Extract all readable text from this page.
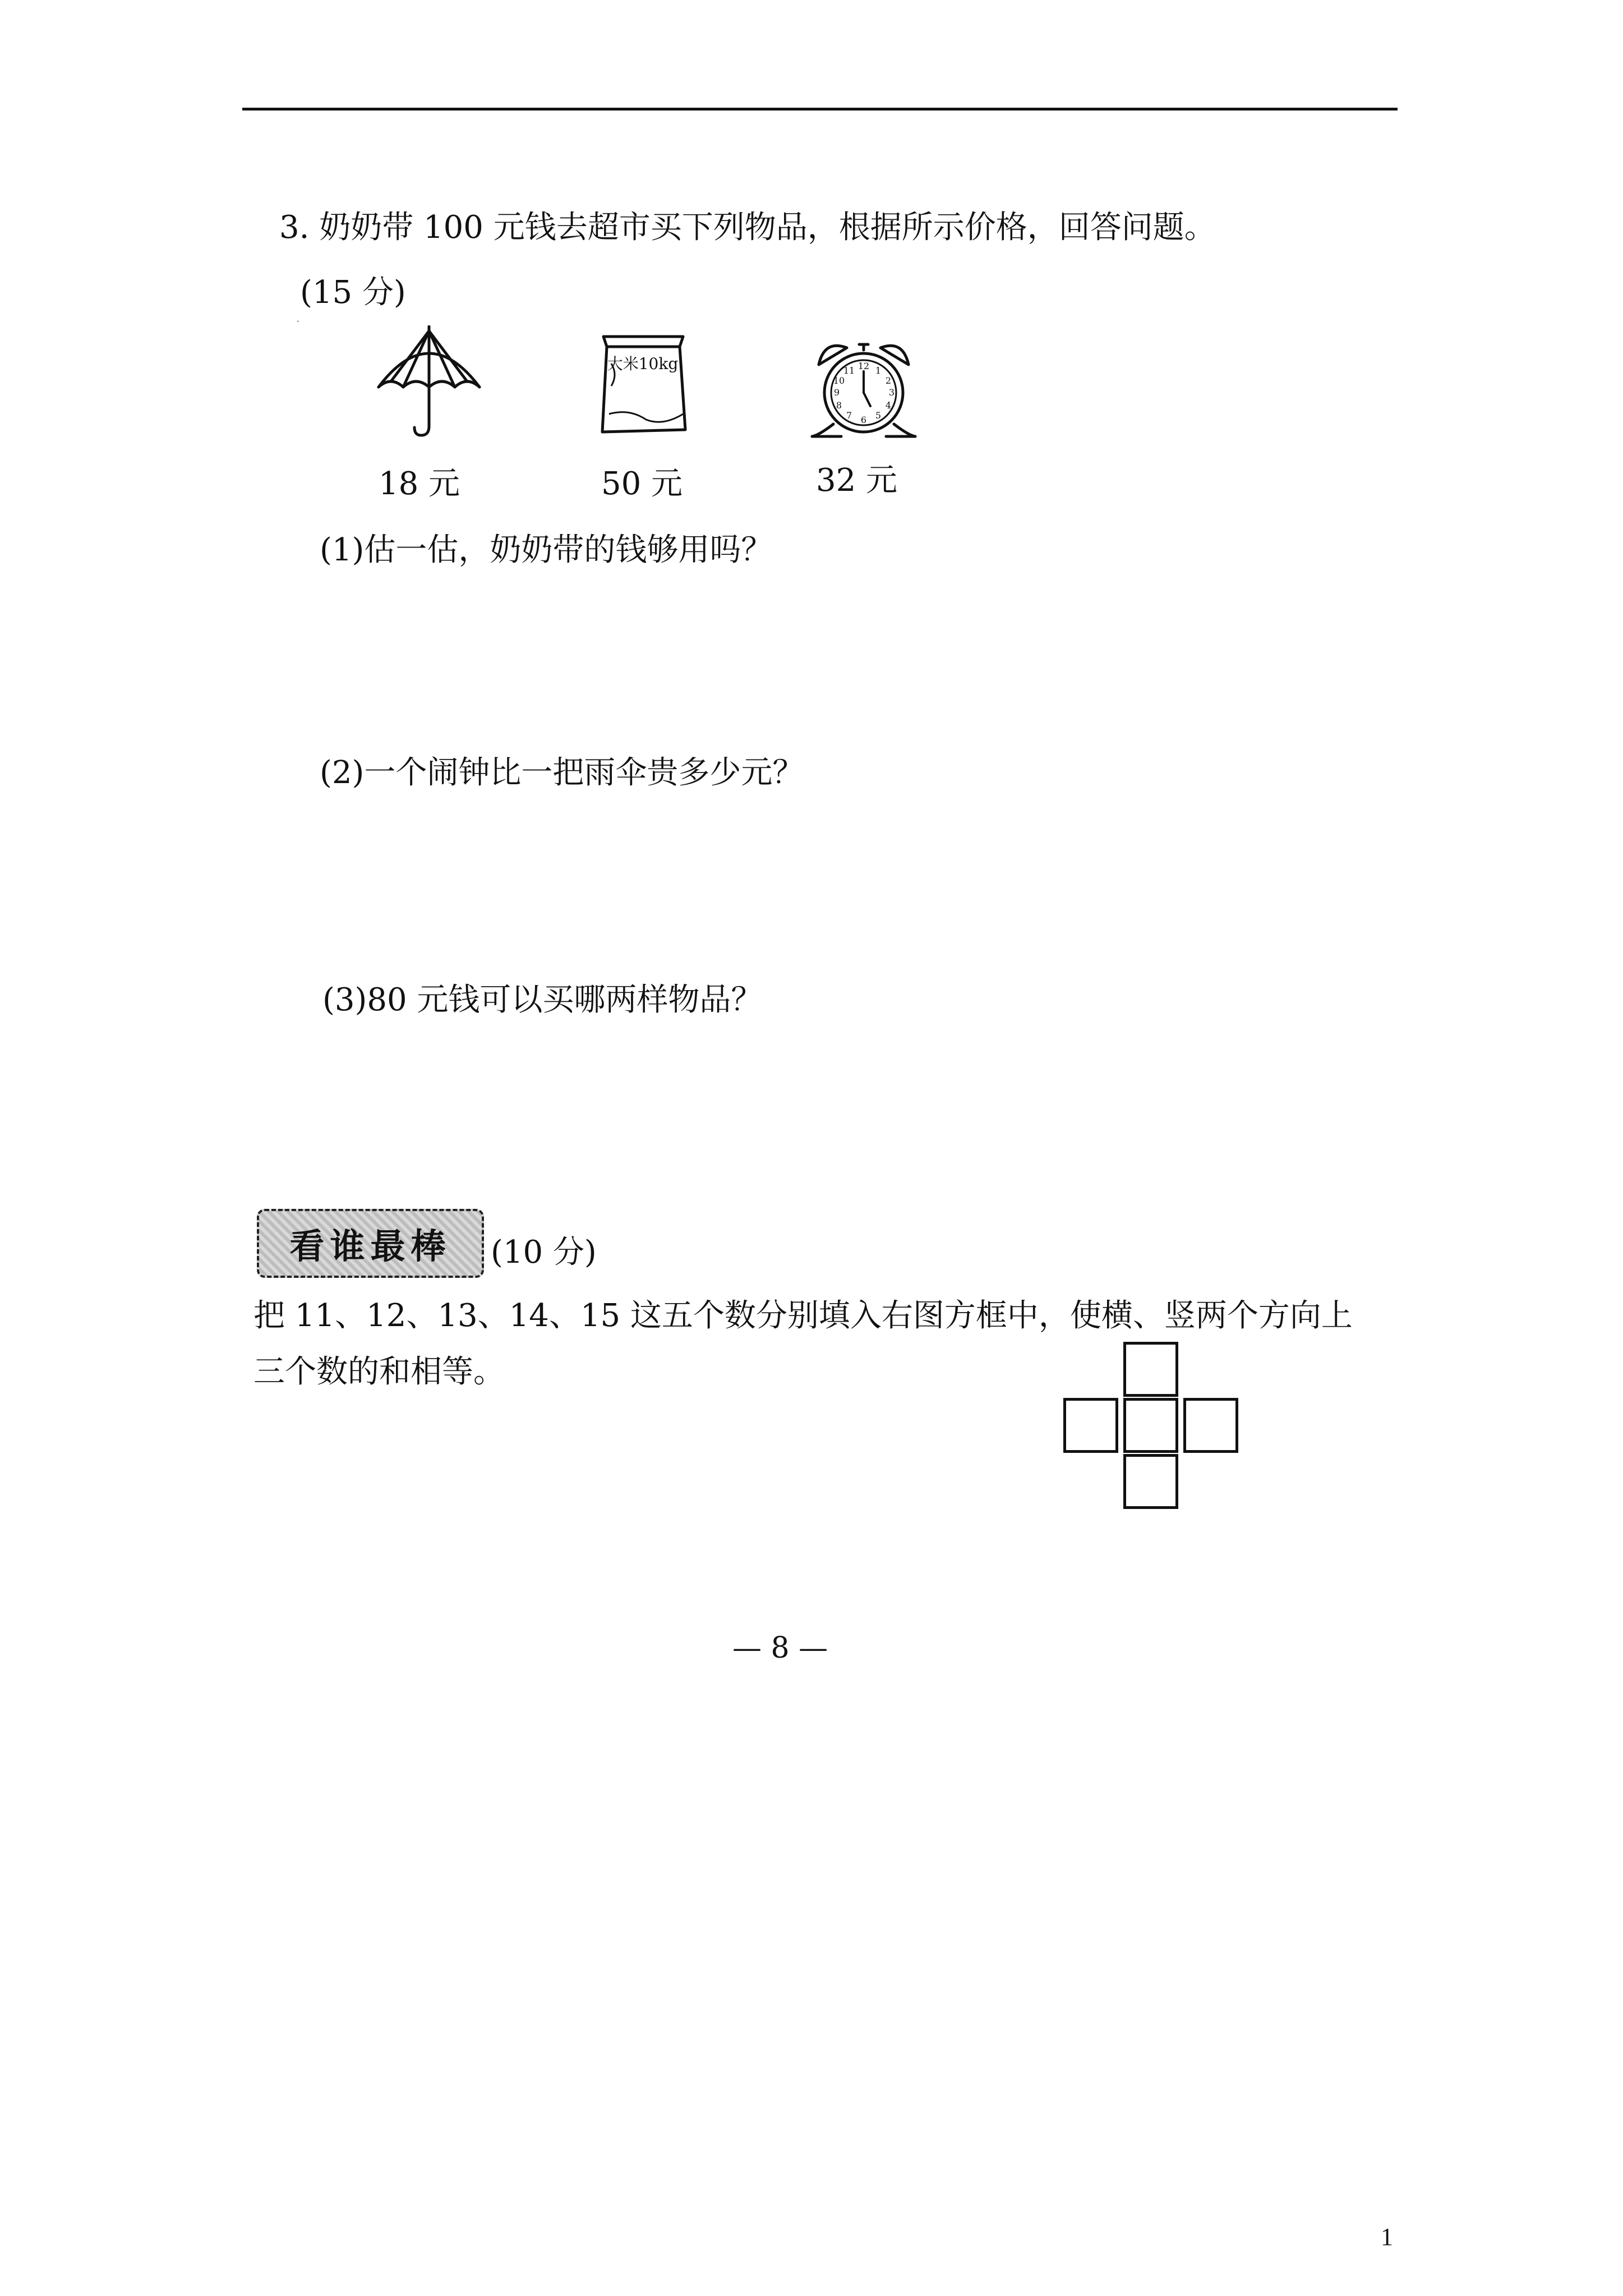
3. 奶奶带 100 元钱去超市买下列物品，根据所示价格，回答问题。
.
(15 分)
18 元
大米10kg
50 元
12
3
6
9
1
2
4
5
7
8
10
11
32 元
(1)估一估，奶奶带的钱够用吗？
(2)一个闹钟比一把雨伞贵多少元？
(3)80 元钱可以买哪两样物品？
看谁最棒 (10 分)
把 11、12、13、14、15 这五个数分别填入右图方框中，使横、竖两个方向上
三个数的和相等。
— 8 —
1
